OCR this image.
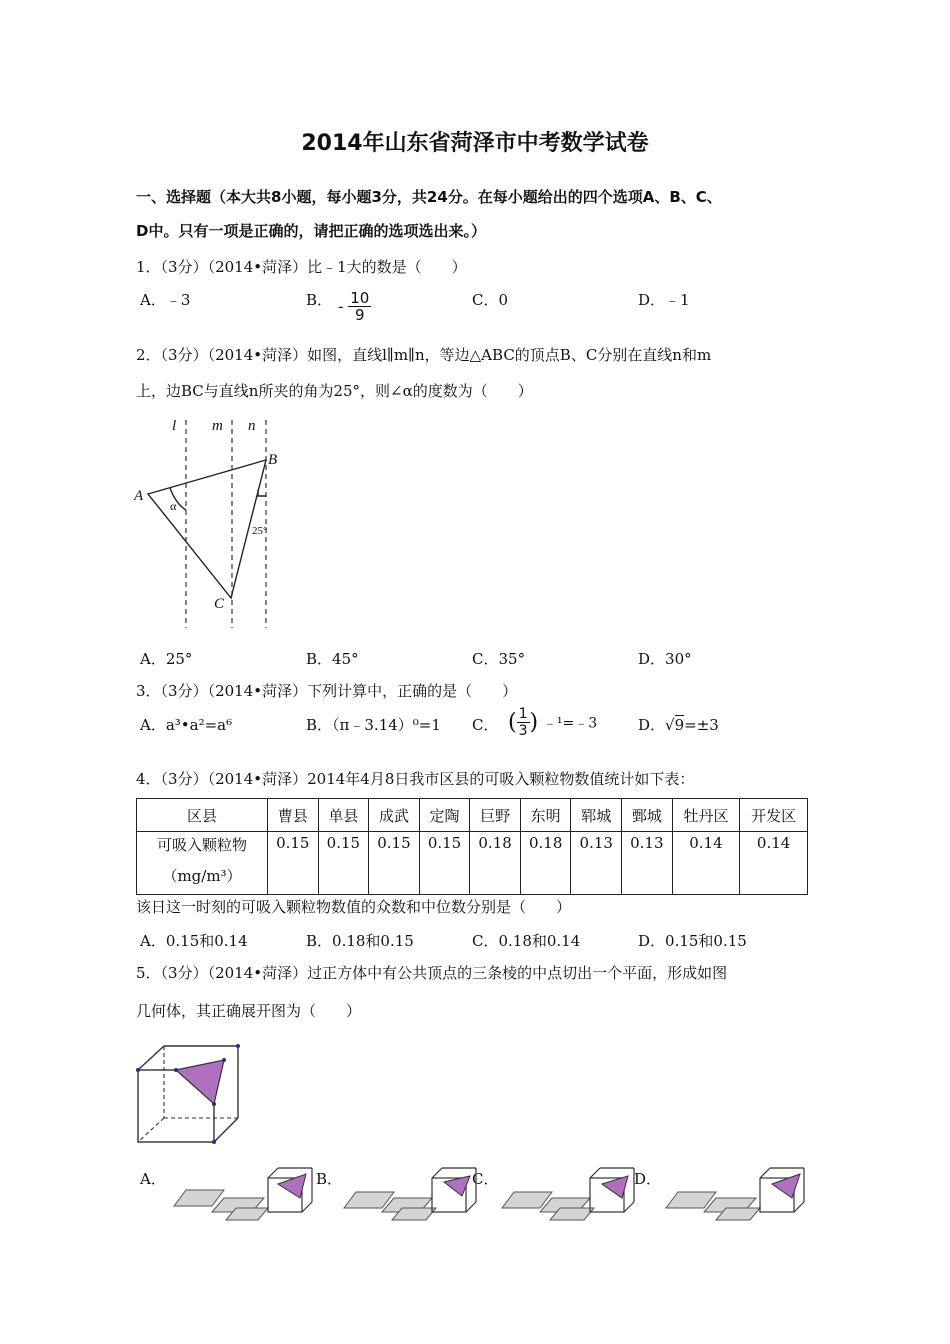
2014年山东省菏泽市中考数学试卷
一、选择题（本大共8小题，每小题3分，共24分。在每小题给出的四个选项A、B、C、
D中。只有一项是正确的，请把正确的选项选出来。）
1．（3分）（2014•菏泽）比﹣1大的数是（　　）
A．﹣3	B． - $\frac{10}{9}$	C．0	D．﹣1
2．（3分）（2014•菏泽）如图，直线l∥m∥n，等边△ABC的顶点B、C分别在直线n和m
上，边BC与直线n所夹的角为25°，则∠α的度数为（　　）
l m n
A
B
C
α
25°
A．25°	B．45°	C．35°	D．30°
3．（3分）（2014•菏泽）下列计算中，正确的是（　　）
A．a³•a²=a⁶	B．（π﹣3.14）⁰=1 C． ( $\frac{1}{3}$ ) ﹣¹=﹣3	D．√9=±3
4．（3分）（2014•菏泽）2014年4月8日我市区县的可吸入颗粒物数值统计如下表：
区县	曹县	单县	成武	定陶	巨野	东明	郓城	鄄城	牡丹区	开发区

可吸入颗粒物
（mg/m³）	0.15	0.15	0.15	0.15	0.18	0.18	0.13	0.13	0.14	0.14
该日这一时刻的可吸入颗粒物数值的众数和中位数分别是（　　）
A．0.15和0.14	B．0.18和0.15	C．0.18和0.14	D．0.15和0.15
5．（3分）（2014•菏泽）过正方体中有公共顶点的三条棱的中点切出一个平面，形成如图
几何体，其正确展开图为（　　）
A．	B．	C．	D．
